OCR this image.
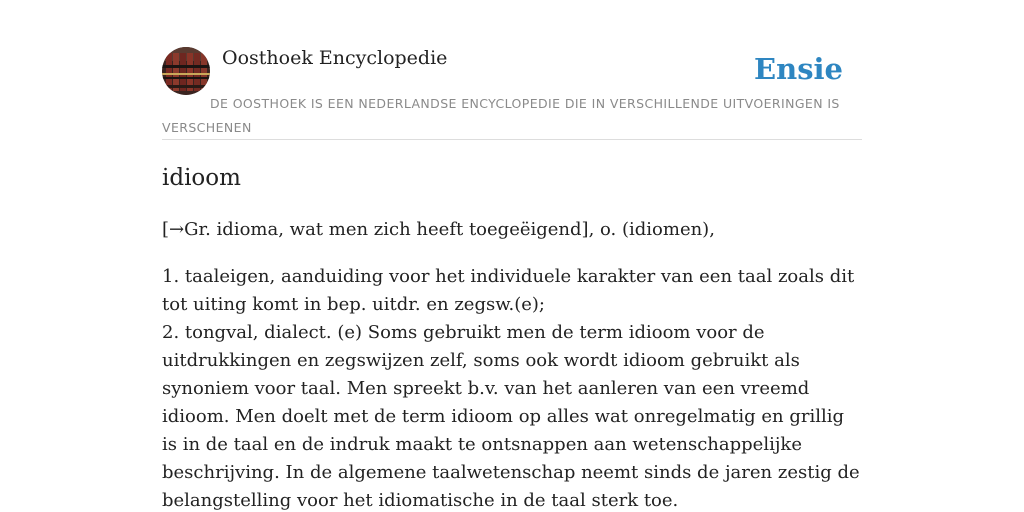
Oosthoek Encyclopedie	Ensie
DE OOSTHOEK IS EEN NEDERLANDSE ENCYCLOPEDIE DIE IN VERSCHILLENDE UITVOERINGEN IS VERSCHENEN
idioom

[→Gr. idioma, wat men zich heeft toegeëigend], o. (idiomen),

1. taaleigen, aanduiding voor het individuele karakter van een taal zoals dit tot uiting komt in bep. uitdr. en zegsw.(e);
2. tongval, dialect. (e) Soms gebruikt men de term idioom voor de uitdrukkingen en zegswijzen zelf, soms ook wordt idioom gebruikt als synoniem voor taal. Men spreekt b.v. van het aanleren van een vreemd idioom. Men doelt met de term idioom op alles wat onregelmatig en grillig is in de taal en de indruk maakt te ontsnappen aan wetenschappelijke beschrijving. In de algemene taalwetenschap neemt sinds de jaren zestig de belangstelling voor het idiomatische in de taal sterk toe.
